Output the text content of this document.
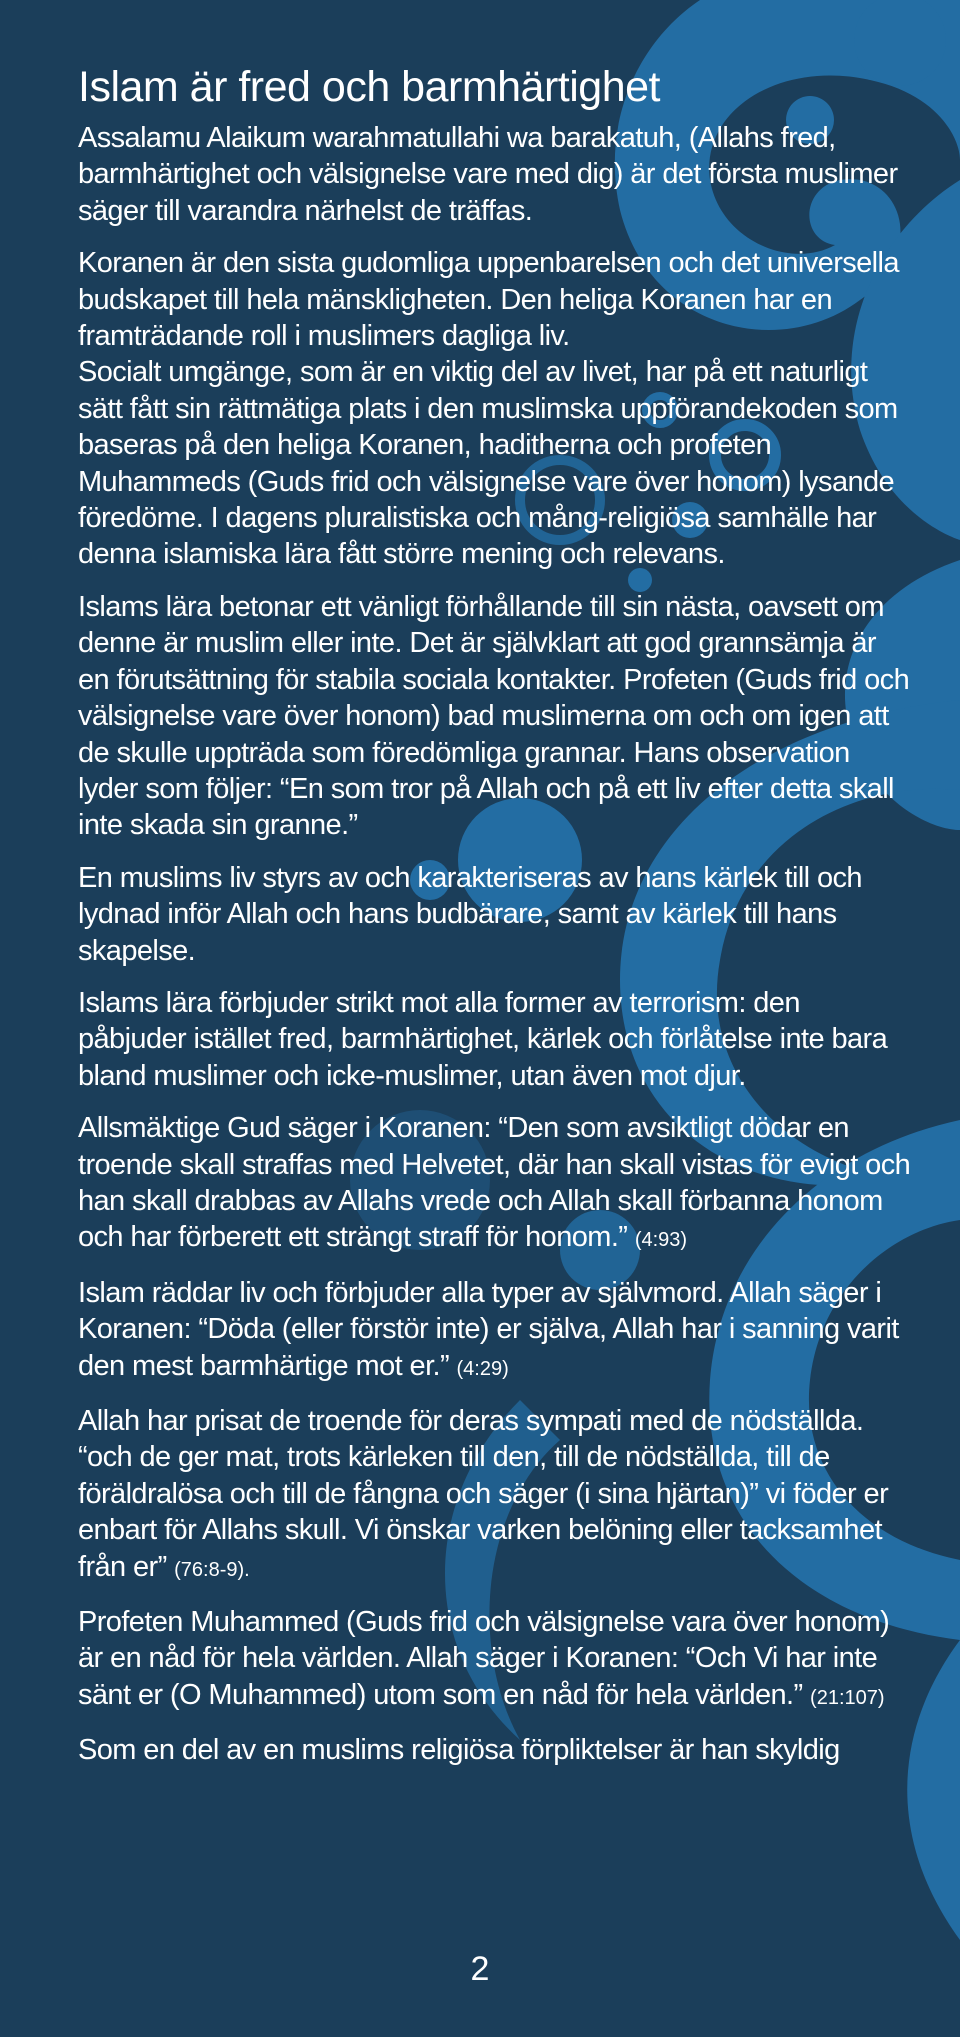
Islam är fred och barmhärtighet

Assalamu Alaikum warahmatullahi wa barakatuh, (Allahs fred, barmhärtighet och välsignelse vare med dig) är det första muslimer säger till varandra närhelst de träffas.

Koranen är den sista gudomliga uppenbarelsen och det universella budskapet till hela mänskligheten. Den heliga Koranen har en framträdande roll i muslimers dagliga liv.

Socialt umgänge, som är en viktig del av livet, har på ett naturligt sätt fått sin rättmätiga plats i den muslimska uppförandekoden som baseras på den heliga Koranen, haditherna och profeten Muhammeds (Guds frid och välsignelse vare över honom) lysande föredöme. I dagens pluralistiska och mång-religiösa samhälle har denna islamiska lära fått större mening och relevans.

Islams lära betonar ett vänligt förhållande till sin nästa, oavsett om denne är muslim eller inte. Det är självklart att god grannsämja är en förutsättning för stabila sociala kontakter. Profeten (Guds frid och välsignelse vare över honom) bad muslimerna om och om igen att de skulle uppträda som föredömliga grannar. Hans observation lyder som följer: “En som tror på Allah och på ett liv efter detta skall inte skada sin granne.”

En muslims liv styrs av och karakteriseras av hans kärlek till och lydnad inför Allah och hans budbärare, samt av kärlek till hans skapelse.

Islams lära förbjuder strikt mot alla former av terrorism: den påbjuder istället fred, barmhärtighet, kärlek och förlåtelse inte bara bland muslimer och icke-muslimer, utan även mot djur.

Allsmäktige Gud säger i Koranen: “Den som avsiktligt dödar en troende skall straffas med Helvetet, där han skall vistas för evigt och han skall drabbas av Allahs vrede och Allah skall förbanna honom och har förberett ett strängt straff för honom.” (4:93)

Islam räddar liv och förbjuder alla typer av självmord. Allah säger i Koranen: “Döda (eller förstör inte) er själva, Allah har i sanning varit den mest barmhärtige mot er.” (4:29)

Allah har prisat de troende för deras sympati med de nödställda. “och de ger mat, trots kärleken till den, till de nödställda, till de föräldralösa och till de fångna och säger (i sina hjärtan)” vi föder er enbart för Allahs skull. Vi önskar varken belöning eller tacksamhet från er” (76:8-9).

Profeten Muhammed (Guds frid och välsignelse vara över honom) är en nåd för hela världen. Allah säger i Koranen: “Och Vi har inte sänt er (O Muhammed) utom som en nåd för hela världen.” (21:107)

Som en del av en muslims religiösa förpliktelser är han skyldig

2
